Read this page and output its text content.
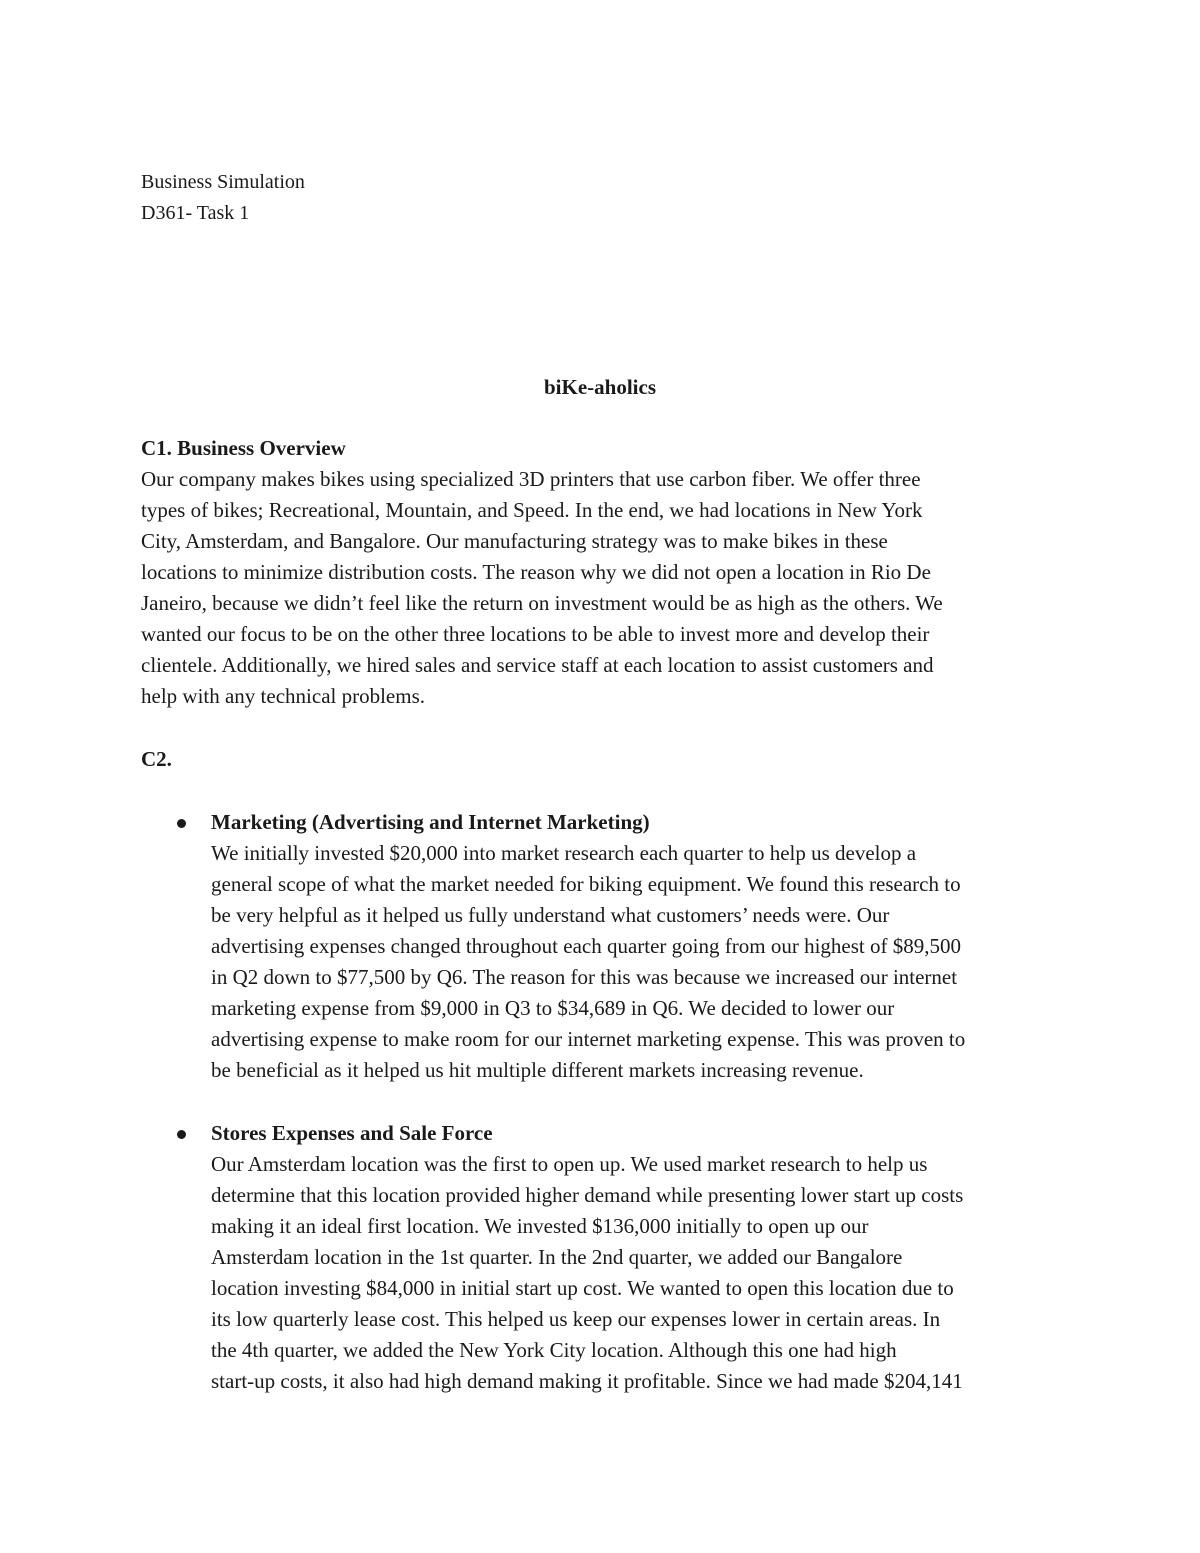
Business Simulation
D361- Task 1
biKe-aholics
C1. Business Overview
Our company makes bikes using specialized 3D printers that use carbon fiber. We offer three
types of bikes; Recreational, Mountain, and Speed. In the end, we had locations in New York
City, Amsterdam, and Bangalore. Our manufacturing strategy was to make bikes in these
locations to minimize distribution costs. The reason why we did not open a location in Rio De
Janeiro, because we didn’t feel like the return on investment would be as high as the others. We
wanted our focus to be on the other three locations to be able to invest more and develop their
clientele. Additionally, we hired sales and service staff at each location to assist customers and
help with any technical problems.
C2.
Marketing (Advertising and Internet Marketing)
We initially invested $20,000 into market research each quarter to help us develop a
general scope of what the market needed for biking equipment. We found this research to
be very helpful as it helped us fully understand what customers’ needs were. Our
advertising expenses changed throughout each quarter going from our highest of $89,500
in Q2 down to $77,500 by Q6. The reason for this was because we increased our internet
marketing expense from $9,000 in Q3 to $34,689 in Q6. We decided to lower our
advertising expense to make room for our internet marketing expense. This was proven to
be beneficial as it helped us hit multiple different markets increasing revenue.
Stores Expenses and Sale Force
Our Amsterdam location was the first to open up. We used market research to help us
determine that this location provided higher demand while presenting lower start up costs
making it an ideal first location. We invested $136,000 initially to open up our
Amsterdam location in the 1st quarter. In the 2nd quarter, we added our Bangalore
location investing $84,000 in initial start up cost. We wanted to open this location due to
its low quarterly lease cost. This helped us keep our expenses lower in certain areas. In
the 4th quarter, we added the New York City location. Although this one had high
start-up costs, it also had high demand making it profitable. Since we had made $204,141
